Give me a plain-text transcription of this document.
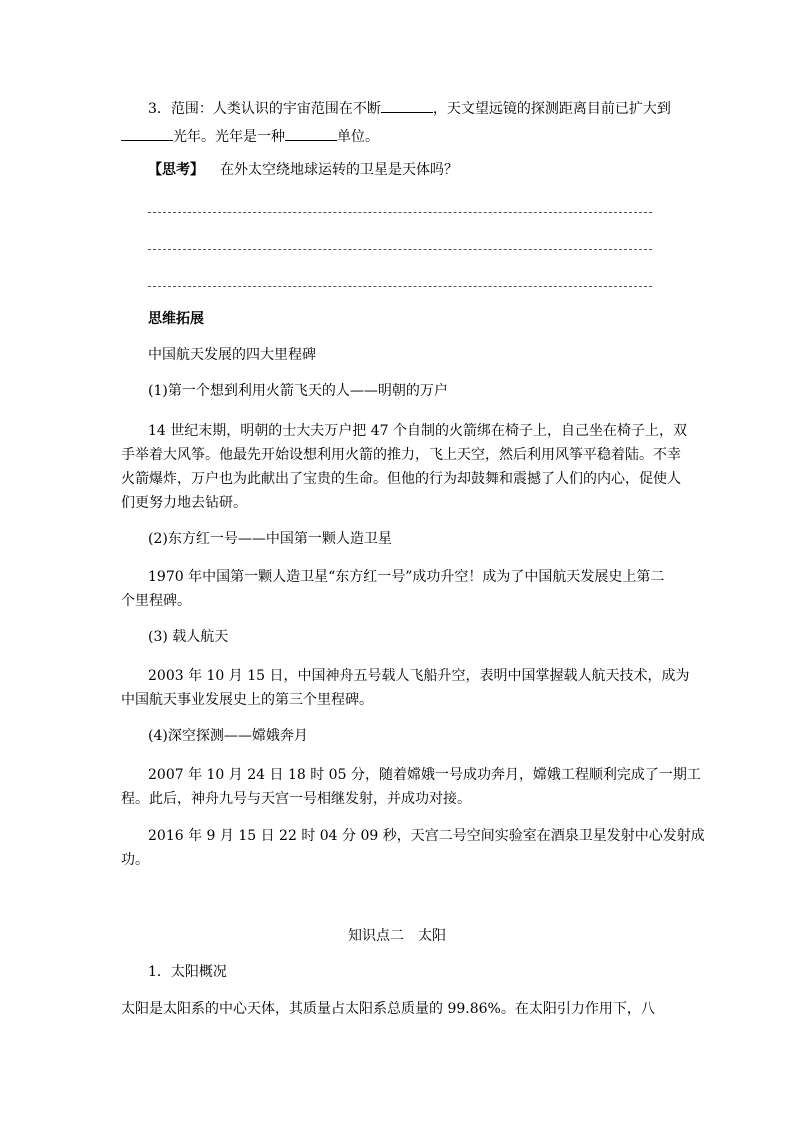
3．范围：人类认识的宇宙范围在不断	，天文望远镜的探测距离目前已扩大到
光年。光年是一种	单位。
【思考】 在外太空绕地球运转的卫星是天体吗？
思维拓展
中国航天发展的四大里程碑
(1)第一个想到利用火箭飞天的人——明朝的万户
14 世纪末期，明朝的士大夫万户把 47 个自制的火箭绑在椅子上，自己坐在椅子上，双
手举着大风筝。他最先开始设想利用火箭的推力，飞上天空，然后利用风筝平稳着陆。不幸
火箭爆炸，万户也为此献出了宝贵的生命。但他的行为却鼓舞和震撼了人们的内心，促使人
们更努力地去钻研。
(2)东方红一号——中国第一颗人造卫星
1970 年中国第一颗人造卫星“东方红一号”成功升空！成为了中国航天发展史上第二
个里程碑。
(3) 载人航天
2003 年 10 月 15 日，中国神舟五号载人飞船升空，表明中国掌握载人航天技术，成为
中国航天事业发展史上的第三个里程碑。
(4)深空探测——嫦娥奔月
2007 年 10 月 24 日 18 时 05 分，随着嫦娥一号成功奔月，嫦娥工程顺利完成了一期工
程。此后，神舟九号与天宫一号相继发射，并成功对接。
2016 年 9 月 15 日 22 时 04 分 09 秒，天宫二号空间实验室在酒泉卫星发射中心发射成
功。
知识点二　太阳
1．太阳概况
太阳是太阳系的中心天体，其质量占太阳系总质量的 99.86%。在太阳引力作用下，八
